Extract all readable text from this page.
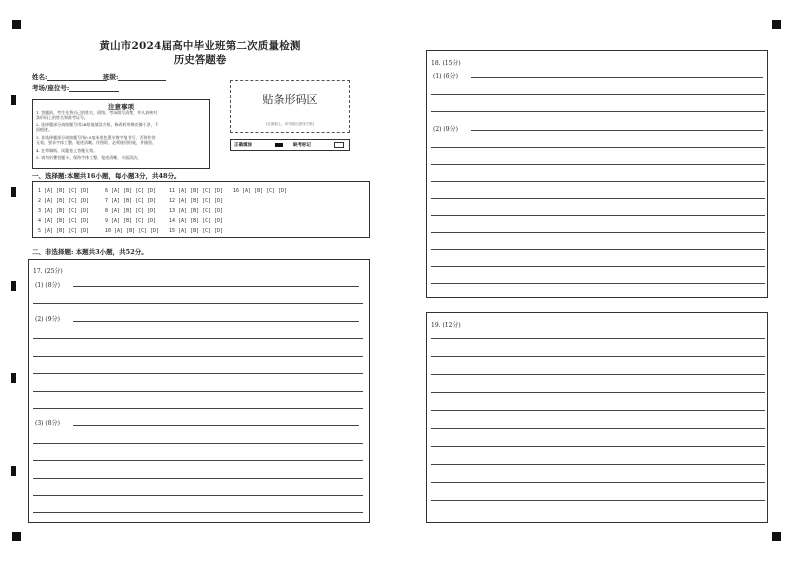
黄山市2024届高中毕业班第二次质量检测
历史答题卷
姓名:	班级:
考场/座位号:
注意事项
1. 答题前，考生先将自己的姓名、班级、考场填写清楚，并认真核对
条形码上的姓名和准考证号。
2. 选择题部分请按题号用2B铅笔填涂方框，修改时用橡皮擦干净，不
留痕迹。
3. 非选择题部分请按题号用0.5毫米黑色墨水签字笔书写，否则作答
无效。要求字体工整、笔迹清晰。作图时，必须使用铅笔，并描黑。
4. 在草稿纸、试题卷上答题无效。
5. 请勿折叠答题卡。保持字体工整、笔迹清晰、卡面清洁。
贴条形码区
(正面朝上，切勿贴出虚线方框)
正确填涂	缺考标记
一、选择题:本题共16小题，每小题3分，共48分。
1 [A] [B] [C] [D]	6 [A] [B] [C] [D]	11 [A] [B] [C] [D] 16 [A] [B] [C] [D]
2 [A] [B] [C] [D]	7 [A] [B] [C] [D]	12 [A] [B] [C] [D]
3 [A] [B] [C] [D]	8 [A] [B] [C] [D]	13 [A] [B] [C] [D]
4 [A] [B] [C] [D]	9 [A] [B] [C] [D]	14 [A] [B] [C] [D]
5 [A] [B] [C] [D]	10 [A] [B] [C] [D] 15 [A] [B] [C] [D]
二、非选择题: 本题共3小题，共52分。
17. (25分)
(1) (8分)
(2) (9分)
(3) (8分)
18. (15分)
(1) (6分)
(2) (9分)
19. (12分)
